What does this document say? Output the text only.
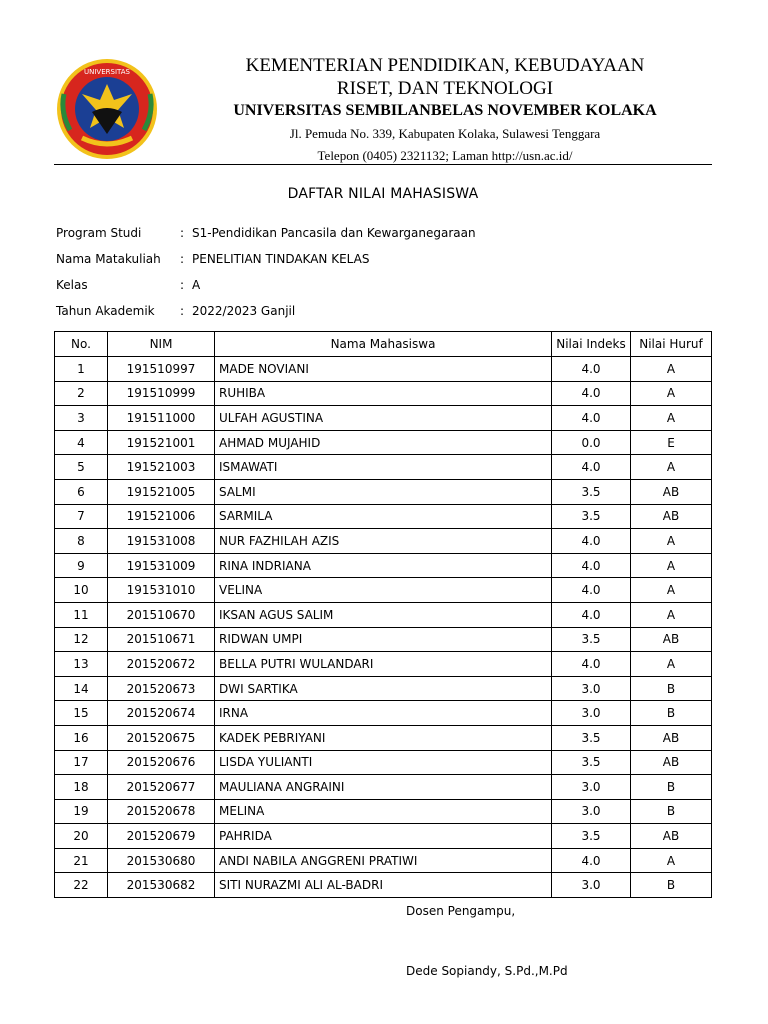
UNIVERSITAS	KEMENTERIAN PENDIDIKAN, KEBUDAYAAN
RISET, DAN TEKNOLOGI
UNIVERSITAS SEMBILANBELAS NOVEMBER KOLAKA
Jl. Pemuda No. 339, Kabupaten Kolaka, Sulawesi Tenggara
Telepon (0405) 2321132; Laman http://usn.ac.id/
DAFTAR NILAI MAHASISWA
Program Studi	: S1-Pendidikan Pancasila dan Kewarganegaraan
Nama Matakuliah	: PENELITIAN TINDAKAN KELAS
Kelas	: A
Tahun Akademik	: 2022/2023 Ganjil
No.	NIM	Nama Mahasiswa	Nilai Indeks	Nilai Huruf
1	191510997	MADE NOVIANI	4.0	A
2	191510999	RUHIBA	4.0	A
3	191511000	ULFAH AGUSTINA	4.0	A
4	191521001	AHMAD MUJAHID	0.0	E
5	191521003	ISMAWATI	4.0	A
6	191521005	SALMI	3.5	AB
7	191521006	SARMILA	3.5	AB
8	191531008	NUR FAZHILAH AZIS	4.0	A
9	191531009	RINA INDRIANA	4.0	A
10	191531010	VELINA	4.0	A
11	201510670	IKSAN AGUS SALIM	4.0	A
12	201510671	RIDWAN UMPI	3.5	AB
13	201520672	BELLA PUTRI WULANDARI	4.0	A
14	201520673	DWI SARTIKA	3.0	B
15	201520674	IRNA	3.0	B
16	201520675	KADEK PEBRIYANI	3.5	AB
17	201520676	LISDA YULIANTI	3.5	AB
18	201520677	MAULIANA ANGRAINI	3.0	B
19	201520678	MELINA	3.0	B
20	201520679	PAHRIDA	3.5	AB
21	201530680	ANDI NABILA ANGGRENI PRATIWI	4.0	A
22	201530682	SITI NURAZMI ALI AL-BADRI	3.0	B
Dosen Pengampu,
Dede Sopiandy, S.Pd.,M.Pd
